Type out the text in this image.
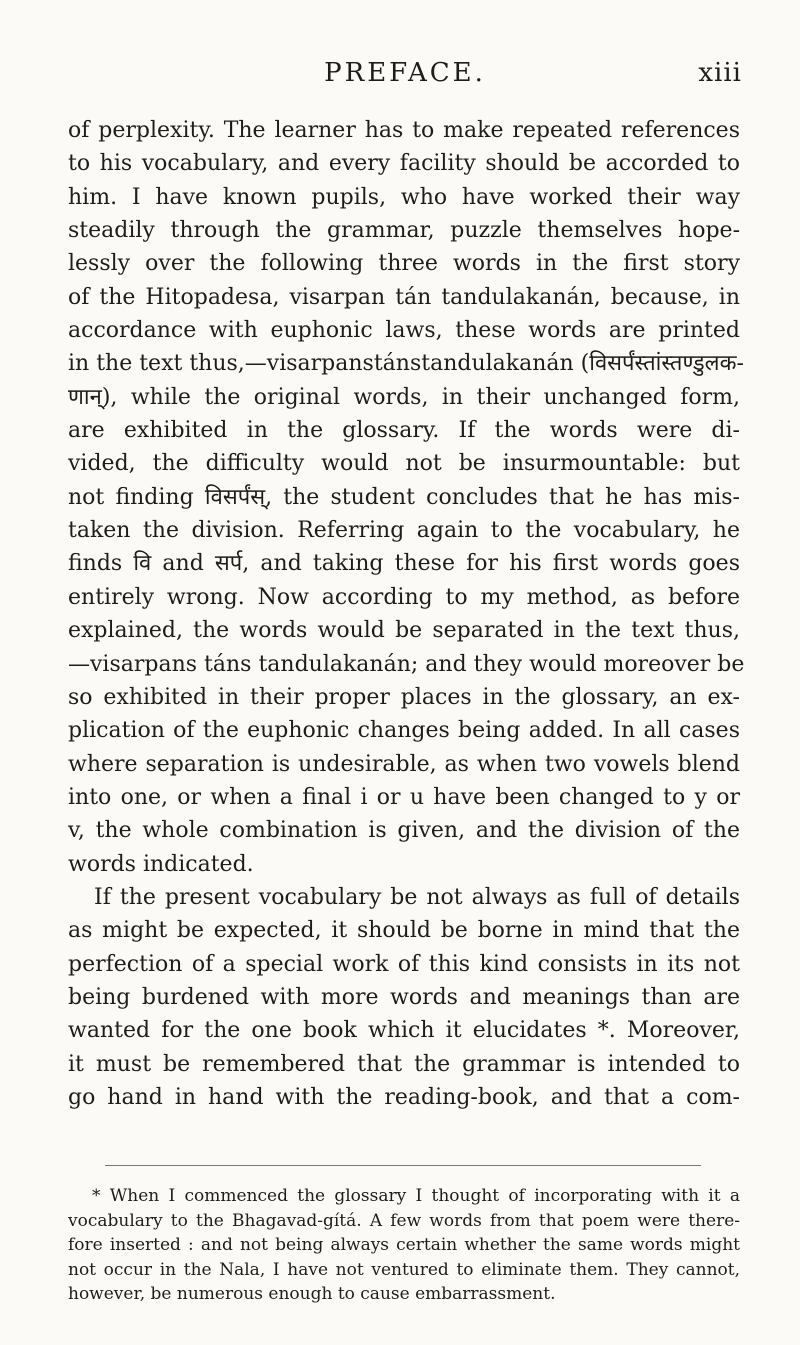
PREFACE.	xiii
of perplexity. The learner has to make repeated references
to his vocabulary, and every facility should be accorded to
him. I have known pupils, who have worked their way
steadily through the grammar, puzzle themselves hope-
lessly over the following three words in the first story
of the Hitopadesa, visarpan tán tandulakanán, because, in
accordance with euphonic laws, these words are printed
in the text thus,—visarpanstánstandulakanán (विसर्पंस्तांस्तण्डुलक-
णान्), while the original words, in their unchanged form,
are exhibited in the glossary. If the words were di-
vided, the difficulty would not be insurmountable: but
not finding विसर्पंस्, the student concludes that he has mis-
taken the division. Referring again to the vocabulary, he
finds वि and सर्प, and taking these for his first words goes
entirely wrong. Now according to my method, as before
explained, the words would be separated in the text thus,
—visarpans táns tandulakanán; and they would moreover be
so exhibited in their proper places in the glossary, an ex-
plication of the euphonic changes being added. In all cases
where separation is undesirable, as when two vowels blend
into one, or when a final i or u have been changed to y or
v, the whole combination is given, and the division of the
words indicated.
If the present vocabulary be not always as full of details
as might be expected, it should be borne in mind that the
perfection of a special work of this kind consists in its not
being burdened with more words and meanings than are
wanted for the one book which it elucidates *. Moreover,
it must be remembered that the grammar is intended to
go hand in hand with the reading-book, and that a com-
* When I commenced the glossary I thought of incorporating with it a
vocabulary to the Bhagavad-gítá. A few words from that poem were there-
fore inserted : and not being always certain whether the same words might
not occur in the Nala, I have not ventured to eliminate them. They cannot,
however, be numerous enough to cause embarrassment.
